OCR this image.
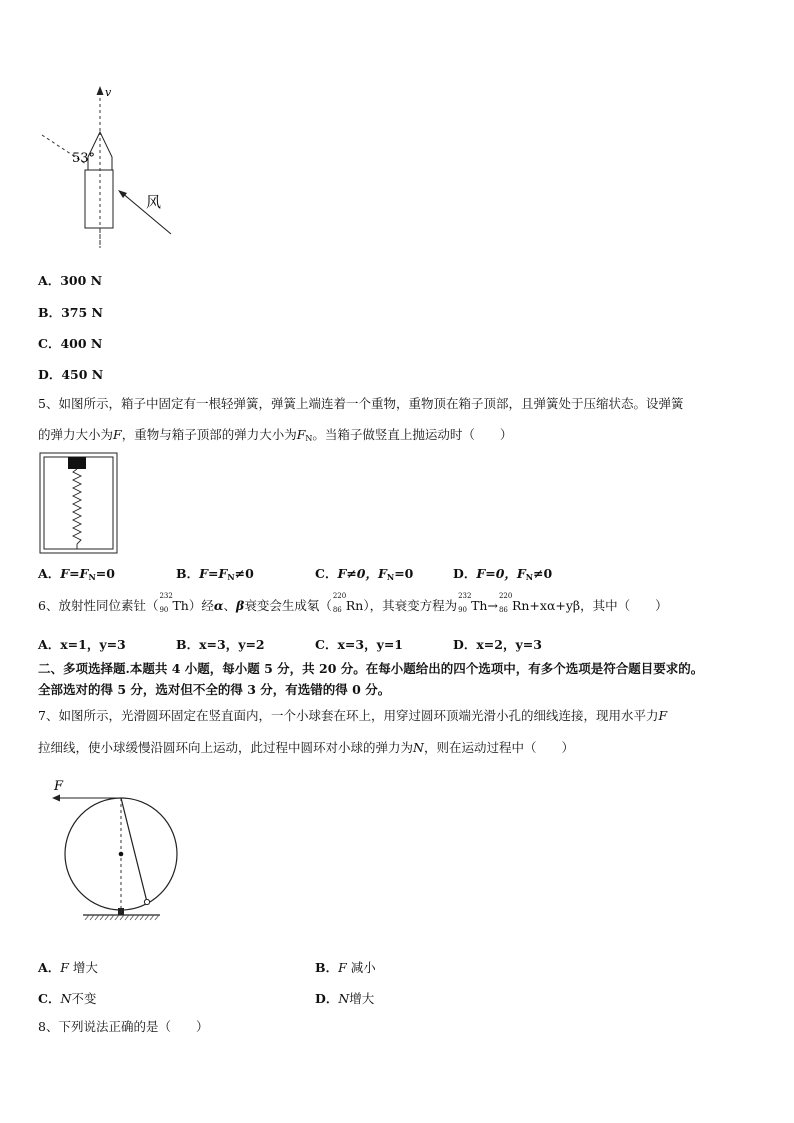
v
53°
风
A．300 N
B．375 N
C．400 N
D．450 N
5、如图所示，箱子中固定有一根轻弹簧，弹簧上端连着一个重物，重物顶在箱子顶部，且弹簧处于压缩状态。设弹簧
的弹力大小为F，重物与箱子顶部的弹力大小为$F_N$。当箱子做竖直上抛运动时（　　）
A．$F=F_N=0$	B．$F=F_N\ne 0$	C．F≠0，$F_N=0$	D．F=0，$F_N\ne 0$
6、放射性同位素钍（
232
90 Th）经α、β衰变会生成氡（
220
86 Rn），其衰变方程为
232
90 Th→
220
86 Rn+xα+yβ，其中（　　）
A．x=1，y=3	B．x=3，y=2	C．x=3，y=1	D．x=2，y=3
二、多项选择题.本题共 4 小题，每小题 5 分，共 20 分。在每小题给出的四个选项中，有多个选项是符合题目要求的。
全部选对的得 5 分，选对但不全的得 3 分，有选错的得 0 分。
7、如图所示，光滑圆环固定在竖直面内，一个小球套在环上，用穿过圆环顶端光滑小孔的细线连接，现用水平力F
拉细线，使小球缓慢沿圆环向上运动，此过程中圆环对小球的弹力为N，则在运动过程中（　　）
F
A．F 增大	B．F 减小
C．N不变	D．N增大
8、下列说法正确的是（　　）
